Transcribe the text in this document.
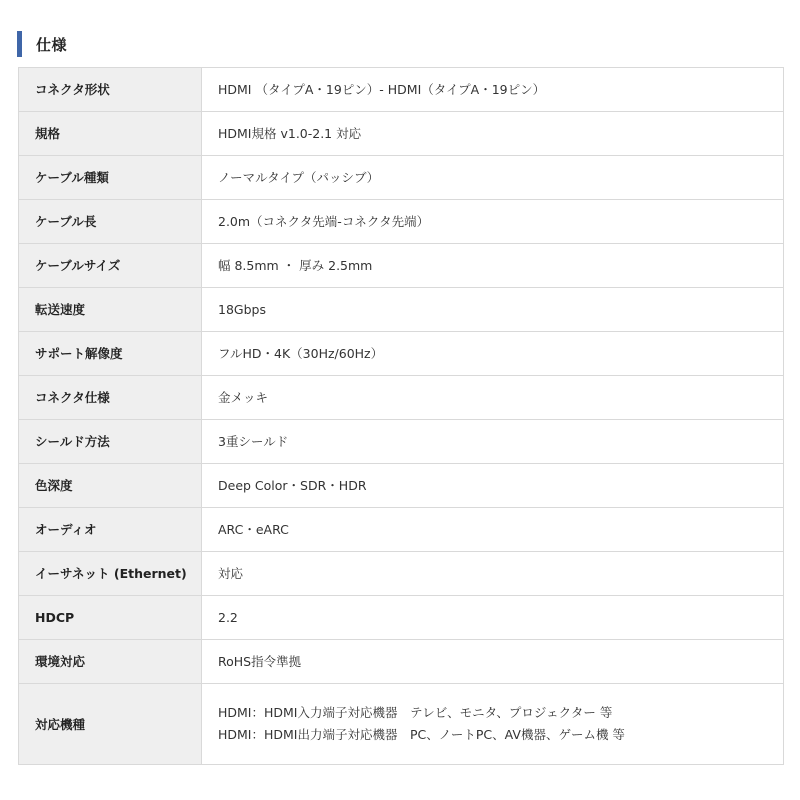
仕様
コネクタ形状	HDMI （タイプA・19ピン）- HDMI（タイプA・19ピン）
規格	HDMI規格 v1.0-2.1 対応
ケーブル種類	ノーマルタイプ（パッシブ）
ケーブル長	2.0m（コネクタ先端-コネクタ先端）
ケーブルサイズ	幅 8.5mm ・ 厚み 2.5mm
転送速度	18Gbps
サポート解像度	フルHD・4K（30Hz/60Hz）
コネクタ仕様	金メッキ
シールド方法	3重シールド
色深度	Deep Color・SDR・HDR
オーディオ	ARC・eARC
イーサネット (Ethernet)	対応
HDCP	2.2
環境対応	RoHS指令準拠
対応機種	HDMI：HDMI入力端子対応機器　テレビ、モニタ、プロジェクター 等
HDMI：HDMI出力端子対応機器　PC、ノートPC、AV機器、ゲーム機 等
